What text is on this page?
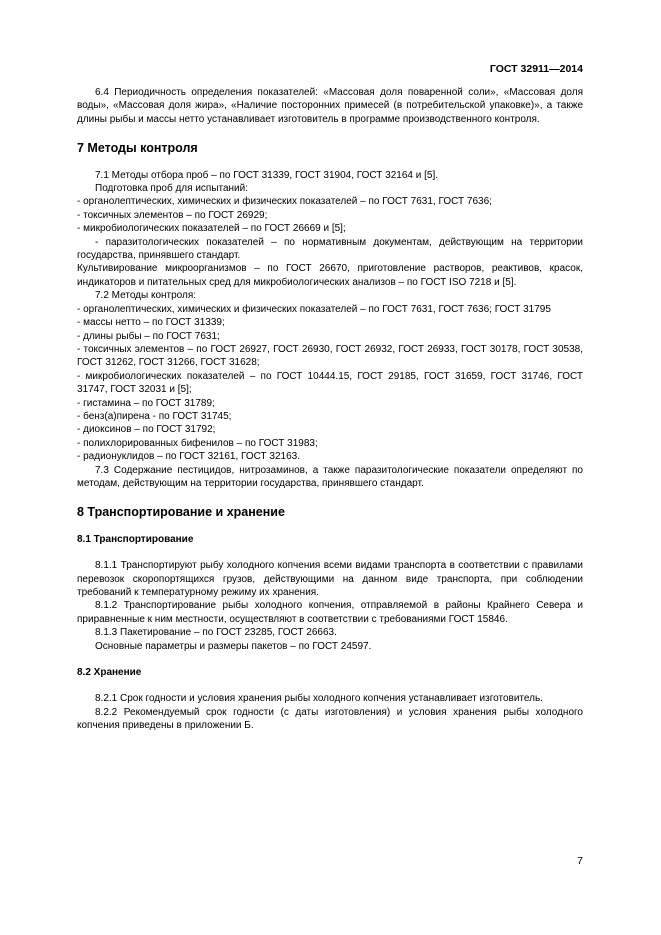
ГОСТ 32911—2014

6.4 Периодичность определения показателей: «Массовая доля поваренной соли», «Массовая доля воды», «Массовая доля жира», «Наличие посторонних примесей (в потребительской упаковке)», а также длины рыбы и массы нетто устанавливает изготовитель в программе производственного контроля.

7 Методы контроля

7.1 Методы отбора проб – по ГОСТ 31339, ГОСТ 31904, ГОСТ 32164 и [5].

Подготовка проб для испытаний:

- органолептических, химических и физических показателей – по ГОСТ 7631, ГОСТ 7636;

- токсичных элементов – по ГОСТ 26929;

- микробиологических показателей – по ГОСТ 26669 и [5];

- паразитологических показателей – по нормативным документам, действующим на территории государства, принявшего стандарт.

Культивирование микроорганизмов – по ГОСТ 26670, приготовление растворов, реактивов, красок, индикаторов и питательных сред для микробиологических анализов – по ГОСТ ISO 7218 и [5].

7.2 Методы контроля:

- органолептических, химических и физических показателей – по ГОСТ 7631, ГОСТ 7636; ГОСТ 31795

- массы нетто – по ГОСТ 31339;

- длины рыбы – по ГОСТ 7631;

- токсичных элементов – по ГОСТ 26927, ГОСТ 26930, ГОСТ 26932, ГОСТ 26933, ГОСТ 30178, ГОСТ 30538, ГОСТ 31262, ГОСТ 31266, ГОСТ 31628;

- микробиологических показателей – по ГОСТ 10444.15, ГОСТ 29185, ГОСТ 31659, ГОСТ 31746, ГОСТ 31747, ГОСТ 32031 и [5];

- гистамина – по ГОСТ 31789;

- бенз(а)пирена - по ГОСТ 31745;

- диоксинов – по ГОСТ 31792;

- полихлорированных бифенилов – по ГОСТ 31983;

- радионуклидов – по ГОСТ 32161, ГОСТ 32163.

7.3 Содержание пестицидов, нитрозаминов, а также паразитологические показатели определяют по методам, действующим на территории государства, принявшего стандарт.

8 Транспортирование и хранение
8.1 Транспортирование

8.1.1 Транспортируют рыбу холодного копчения всеми видами транспорта в соответствии с правилами перевозок скоропортящихся грузов, действующими на данном виде транспорта, при соблюдении требований к температурному режиму их хранения.

8.1.2 Транспортирование рыбы холодного копчения, отправляемой в районы Крайнего Севера и приравненные к ним местности, осуществляют в соответствии с требованиями ГОСТ 15846.

8.1.3 Пакетирование – по ГОСТ 23285, ГОСТ 26663.

Основные параметры и размеры пакетов – по ГОСТ 24597.

8.2 Хранение

8.2.1 Срок годности и условия хранения рыбы холодного копчения устанавливает изготовитель.

8.2.2 Рекомендуемый срок годности (с даты изготовления) и условия хранения рыбы холодного копчения приведены в приложении Б.

7
